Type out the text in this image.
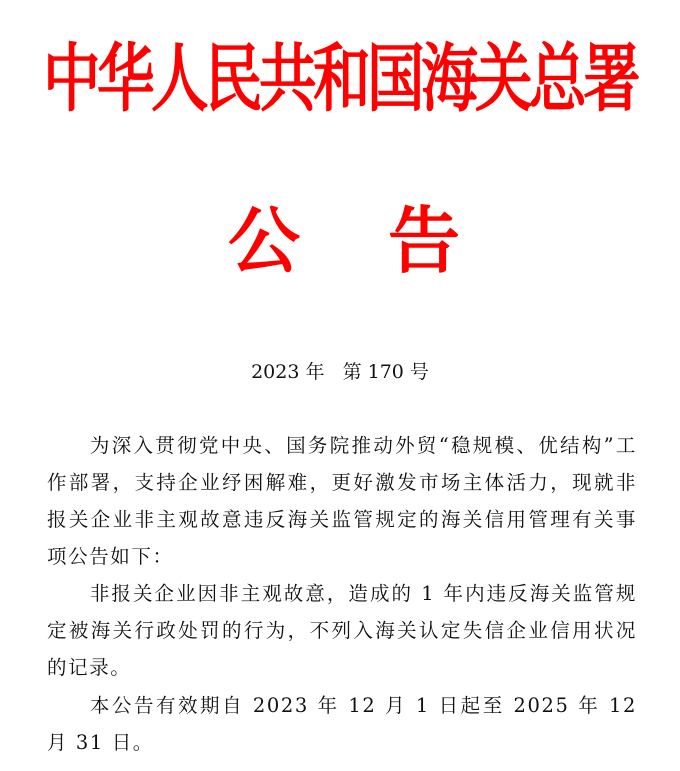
中华人民共和国海关总署
公 告
2023 年   第 170 号

为深入贯彻党中央、国务院推动外贸“稳规模、优结构”工作部署，支持企业纾困解难，更好激发市场主体活力，现就非报关企业非主观故意违反海关监管规定的海关信用管理有关事项公告如下：

非报关企业因非主观故意，造成的 1 年内违反海关监管规定被海关行政处罚的行为，不列入海关认定失信企业信用状况的记录。

本公告有效期自 2023 年 12 月 1 日起至 2025 年 12 月 31 日。
